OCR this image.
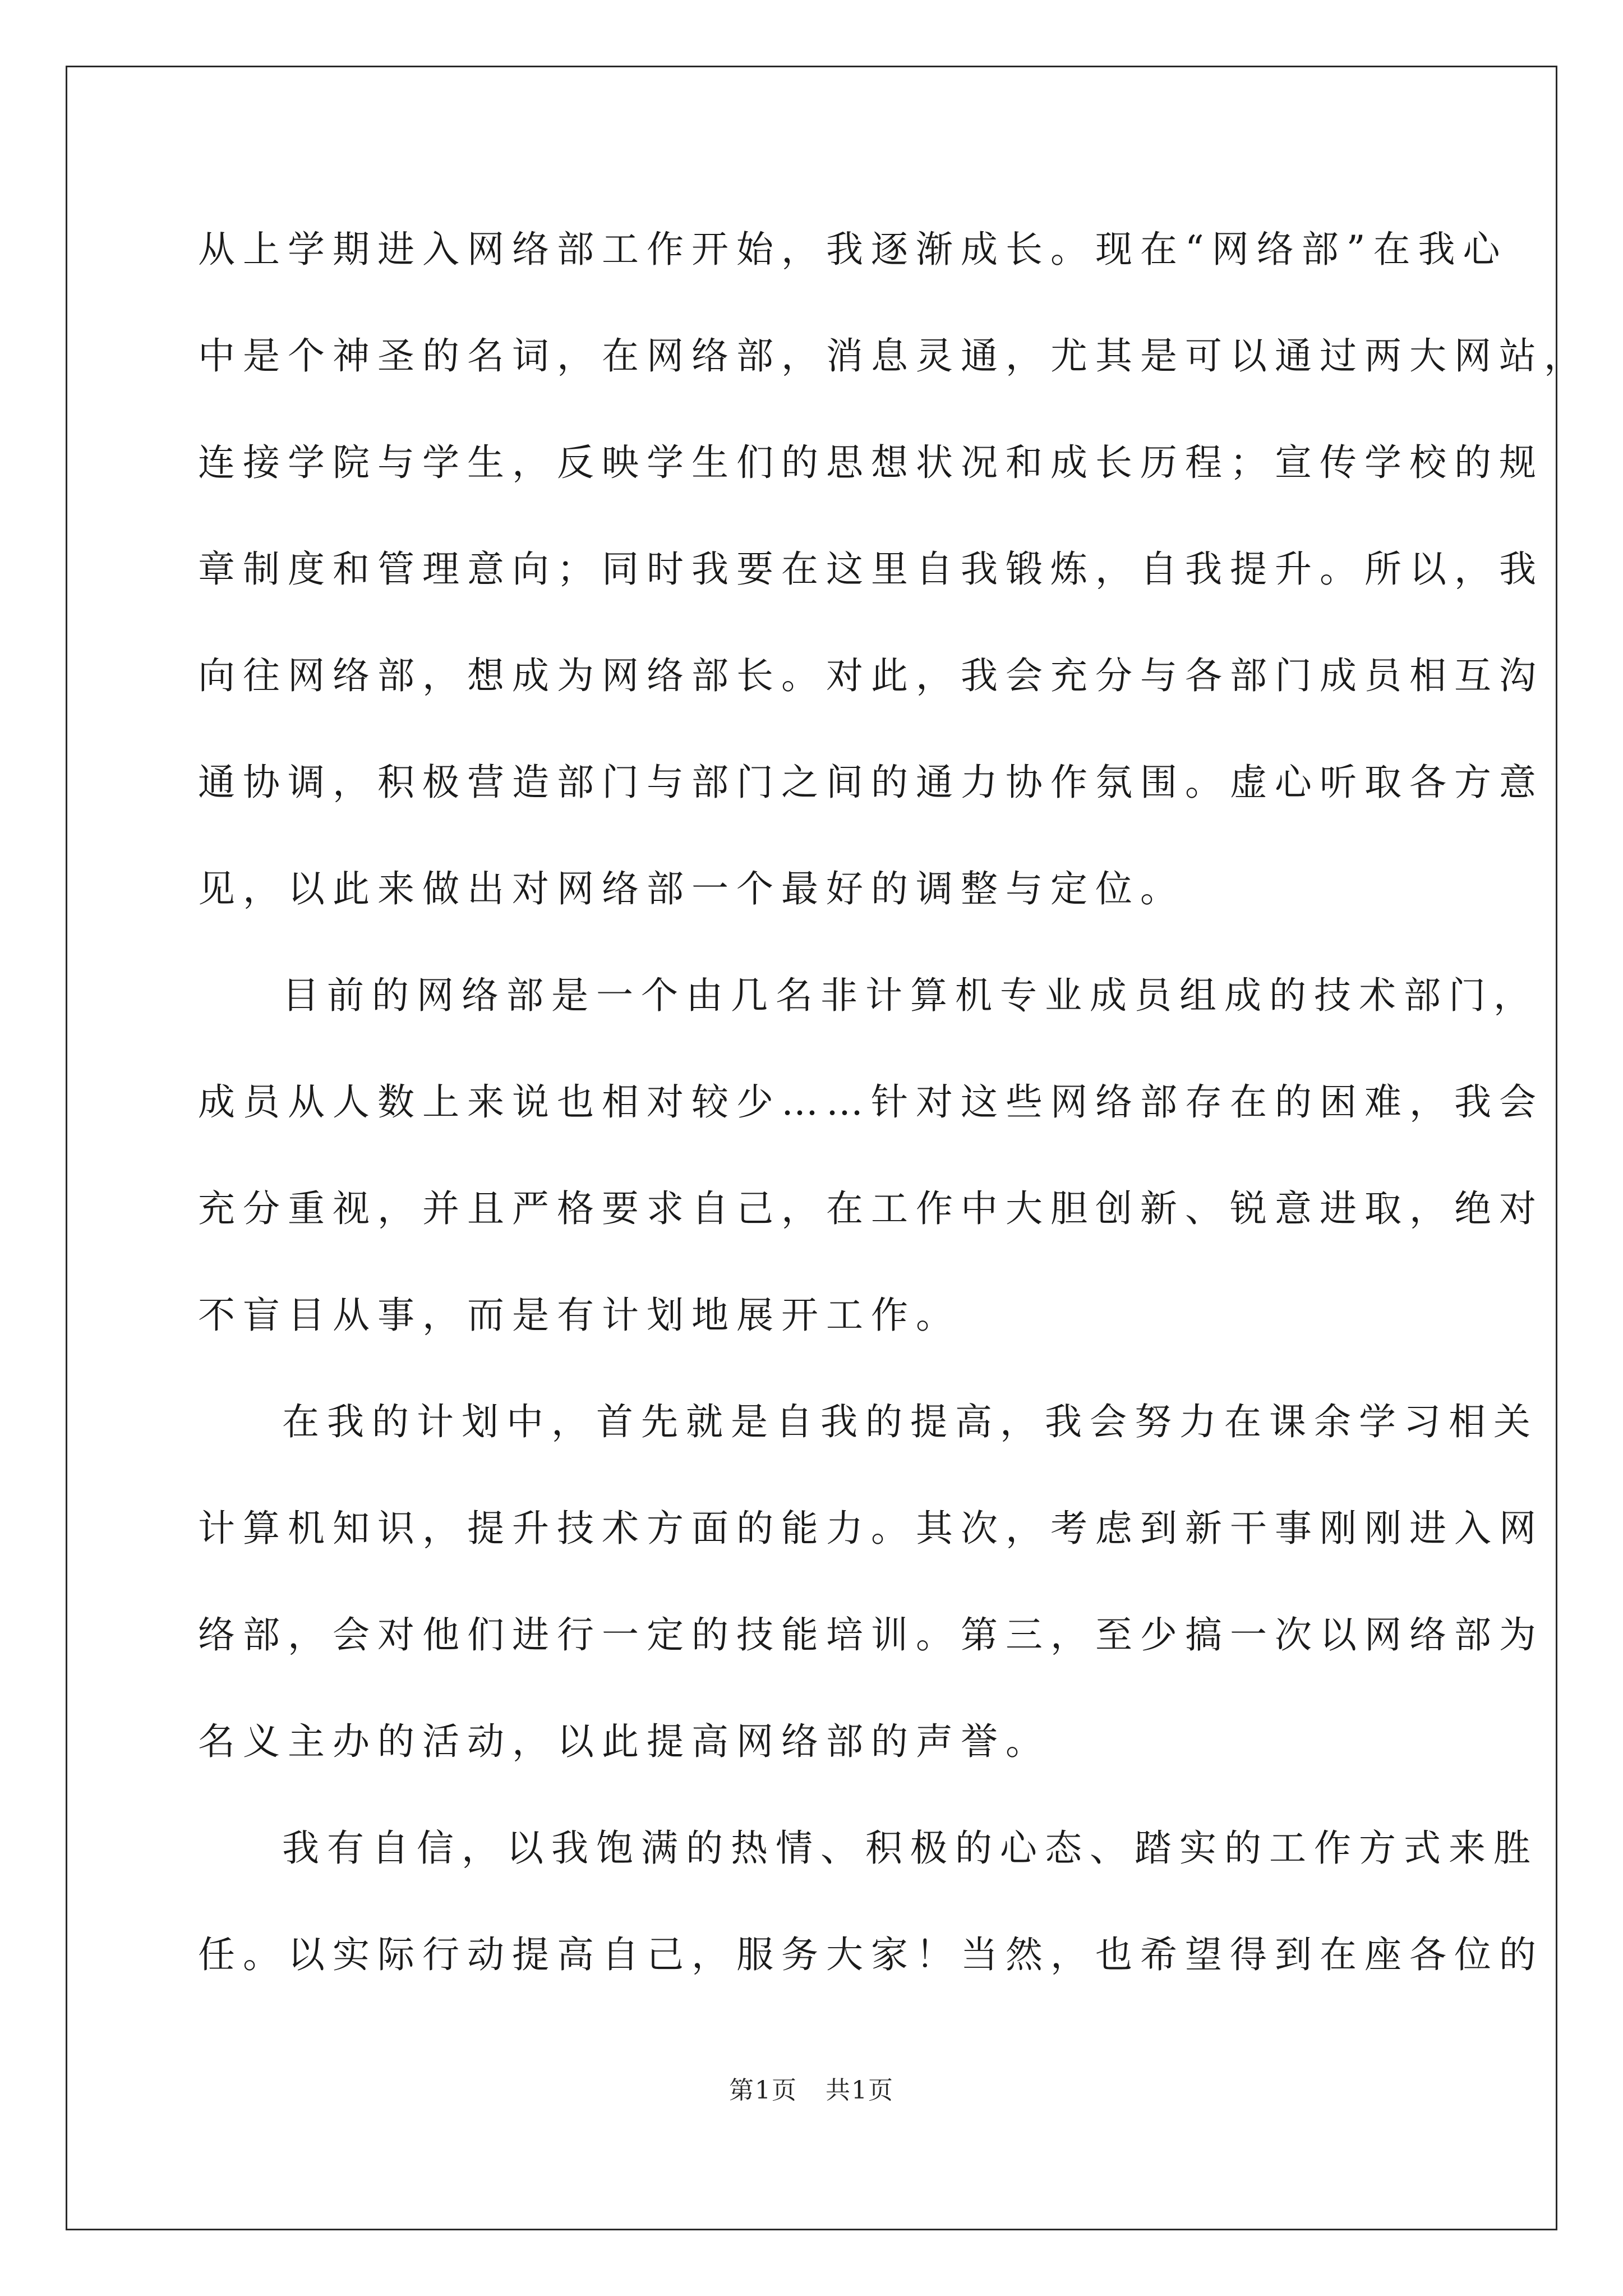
从上学期进入网络部工作开始，我逐渐成长。现在“网络部”在我心
中是个神圣的名词，在网络部，消息灵通，尤其是可以通过两大网站，
连接学院与学生，反映学生们的思想状况和成长历程；宣传学校的规
章制度和管理意向；同时我要在这里自我锻炼，自我提升。所以，我
向往网络部，想成为网络部长。对此，我会充分与各部门成员相互沟
通协调，积极营造部门与部门之间的通力协作氛围。虚心听取各方意
见，以此来做出对网络部一个最好的调整与定位。
目前的网络部是一个由几名非计算机专业成员组成的技术部门，
成员从人数上来说也相对较少……针对这些网络部存在的困难，我会
充分重视，并且严格要求自己，在工作中大胆创新、锐意进取，绝对
不盲目从事，而是有计划地展开工作。
在我的计划中，首先就是自我的提高，我会努力在课余学习相关
计算机知识，提升技术方面的能力。其次，考虑到新干事刚刚进入网
络部，会对他们进行一定的技能培训。第三，至少搞一次以网络部为
名义主办的活动，以此提高网络部的声誉。
我有自信，以我饱满的热情、积极的心态、踏实的工作方式来胜
任。以实际行动提高自己，服务大家！当然，也希望得到在座各位的
第1页 共1页
